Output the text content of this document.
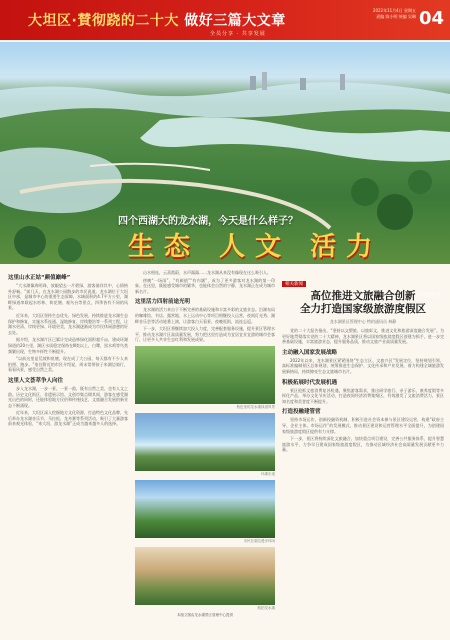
大坦区·賛彻跷的二十大 做好三篇大文章
全员分享 · 共享发展
2022年11月4日 星期五
责编 陈小明 统编 吴琳 04
四个西湖大的龙水湖，今天是什么样子？
生态 人文 活力
龙水湖供图 摄
这里山水正姑“颜值巅峰”

“大水湖像海明珠，放眼望去一片碧绿，游客徜徉其中，心情格外舒畅。”前几天，在龙水湖公园散步的市民说道。龙水湖位于大坦区中部，是城市中心的重要生态屏障，水域面积约4.7平方公里，湖畔绿道串联起水杉林、荷花塘、观鸟台等景点，四季皆有不同的风景。

近年来，大坦区坚持生态优先、绿色发展，持续推进龙水湖生态保护和修复，实施水系连通、湿地修复、岸线整治等一系列工程，让湖水更清、岸线更绿、环境更美，龙水湖逐渐成为市民休闲游憩的好去处。

据介绍，龙水湖片区已累计完成造林绿化面积超千亩，建成环湖绿道约20公里，湖区水质稳定保持在Ⅲ类以上，白鹭、黑水鸡等鸟类频繁出现，生物多样性不断提升。

“以前这里是荒坡和鱼塘，现在成了大公园，每天都有不少人来拍照、跑步。”家住附近的市民介绍说，周末常带孩子来湖边骑行，看看风景，感受自然之美。

这里人文荟萃争人向往

步入龙水湖，一步一景，一景一韵，既有自然之美，也有人文之韵。历史文化街区、非遗展示馆、文创市集点缀其间，游客在感受湖光山色的同时，还能体验地方民俗和传统技艺，文旅融合发展的新业态不断涌现。

近年来，大坦区深入挖掘地方文化资源，打造特色文化品牌，先后举办龙水湖音乐节、马拉松、龙舟赛等系列活动，吸引了大量游客前来观光体验，“来大坦、游龙水湖”正成为越来越多人的选择。

山水相连，云蒸霞蔚，水声潺潺……龙水湖从来没有像现在这么吸引人。

傍晚“一场雨”，“有颜值”“有内涵”，成为了更多游客对龙水湖的第一印象。在这里，既能感受城市的繁华，也能体会自然的宁静，龙水湖正在成为城市新名片。

这里活力四射前途光明

龙水湖的活力来自于不断完善的基础设施和丰富多彩的文旅业态。沿湖布局的咖啡馆、书店、露营地、水上运动中心等项目相继投入运营，夜间灯光秀、湖畔音乐会等活动轮番上演，让游客白天看景、夜晚逛街，流连忘返。

下一步，大坦区将继续加大投入力度，完善配套服务设施，提升景区管理水平，推动龙水湖片区高质量发展，努力把这里打造成为宜居宜业宜游的城市会客厅，让更多人共享生态红利和发展成果。

秋色里的龙水湖绿道风景
环湖步道
市民在湖边漫步休闲
航拍龙水湖
本版文图由龙水湖景区管理中心提供
相关新闻
高位推进文旅融合创新
全力打造国家级旅游度假区
龙水湖景区管理中心 特约通讯员 林静

党的二十大报告指出，“坚持以文塑旅、以旅彰文，推进文化和旅游深度融合发展”。为更好地贯彻落实党的二十大精神，龙水湖景区将以国家级旅游度假区创建为抓手，进一步完善基础设施，丰富旅游业态，提升服务品质，推动文旅产业高质量发展。

主动融入国家发展战略

2022年以来，龙水湖景区紧紧围绕“生态立区、文旅兴区”发展定位，坚持规划引领，高标准编制景区总体规划，统筹推进生态保护、文化传承和产业发展，着力构建全域旅游发展新格局，持续擦亮生态文旅城市名片。

积极拓展时代发展机遇

景区抢抓文旅消费复苏机遇，聚焦游客需求，推出研学旅行、亲子游乐、康养度假等多样化产品，举办文化节庆活动，打造夜间经济消费集聚区，有效激发了文旅消费活力，景区知名度和美誉度不断提升。

打造投融建管营

坚持市场运作，创新投融资机制，积极引进社会资本参与景区建设运营，构建“政府主导、企业主体、市场运作”的发展模式，推动景区建设和运营管理水平全面提升，为创建国家级旅游度假区提供有力支撑。

下一步，景区将持续深化文旅融合，加快重点项目建设，完善公共服务体系，提升智慧旅游水平，力争早日建成国家级旅游度假区，为推动区域经济社会高质量发展贡献更多力量。
